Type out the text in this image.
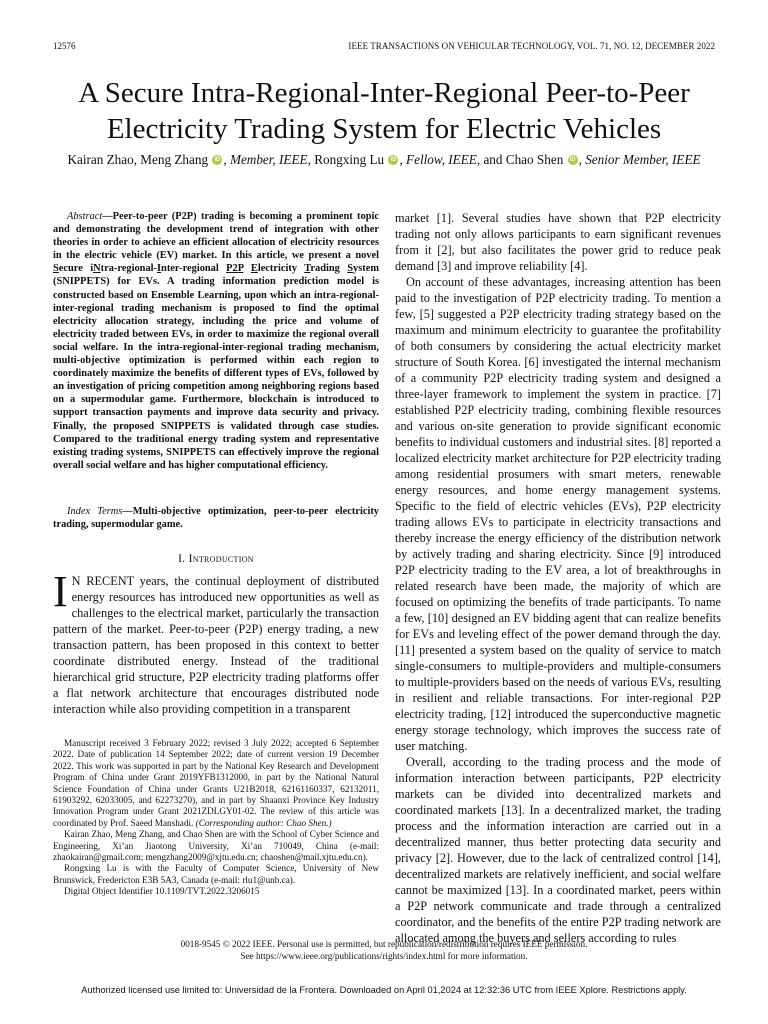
12576	IEEE TRANSACTIONS ON VEHICULAR TECHNOLOGY, VOL. 71, NO. 12, DECEMBER 2022
A Secure Intra-Regional-Inter-Regional Peer-to-Peer Electricity Trading System for Electric Vehicles
Kairan Zhao, Meng Zhang iD , Member, IEEE, Rongxing Lu iD , Fellow, IEEE, and Chao Shen iD , Senior Member, IEEE
Abstract—Peer-to-peer (P2P) trading is becoming a prominent topic and demonstrating the development trend of integration with other theories in order to achieve an efficient allocation of electricity resources in the electric vehicle (EV) market. In this article, we present a novel Secure iNtra-regional-Inter-regional P2P Electricity Trading System (SNIPPETS) for EVs. A trading information prediction model is constructed based on Ensemble Learning, upon which an intra-regional-inter-regional trading mechanism is proposed to find the optimal electricity allocation strategy, including the price and volume of electricity traded between EVs, in order to maximize the regional overall social welfare. In the intra-regional-inter-regional trading mechanism, multi-objective optimization is performed within each region to coordinately maximize the benefits of different types of EVs, followed by an investigation of pricing competition among neighboring regions based on a supermodular game. Furthermore, blockchain is introduced to support transaction payments and improve data security and privacy. Finally, the proposed SNIPPETS is validated through case studies. Compared to the traditional energy trading system and representative existing trading systems, SNIPPETS can effectively improve the regional overall social welfare and has higher computational efficiency.
Index Terms—Multi-objective optimization, peer-to-peer electricity trading, supermodular game.
I. Introduction
I N RECENT years, the continual deployment of distributed energy resources has introduced new opportunities as well as challenges to the electrical market, particularly the transaction pattern of the market. Peer-to-peer (P2P) energy trading, a new transaction pattern, has been proposed in this context to better coordinate distributed energy. Instead of the traditional hierarchical grid structure, P2P electricity trading platforms offer a flat network architecture that encourages distributed node interaction while also providing competition in a transparent

Manuscript received 3 February 2022; revised 3 July 2022; accepted 6 September 2022. Date of publication 14 September 2022; date of current version 19 December 2022. This work was supported in part by the National Key Research and Development Program of China under Grant 2019YFB1312000, in part by the National Natural Science Foundation of China under Grants U21B2018, 62161160337, 62132011, 61903292, 62033005, and 62273270), and in part by Shaanxi Province Key Industry Innovation Program under Grant 2021ZDLGY01-02. The review of this article was coordinated by Prof. Saeed Manshadi. (Corresponding author: Chao Shen.)

Kairan Zhao, Meng Zhang, and Chao Shen are with the School of Cyber Science and Engineering, Xi’an Jiaotong University, Xi’an 710049, China (e-mail: zhaokairan@gmail.com; mengzhang2009@xjtu.edu.cn; chaoshen@mail.xjtu.edu.cn).

Rongxing Lu is with the Faculty of Computer Science, University of New Brunswick, Fredericton E3B 5A3, Canada (e-mail: rlu1@unb.ca).

Digital Object Identifier 10.1109/TVT.2022.3206015

market [1]. Several studies have shown that P2P electricity trading not only allows participants to earn significant revenues from it [2], but also facilitates the power grid to reduce peak demand [3] and improve reliability [4].

On account of these advantages, increasing attention has been paid to the investigation of P2P electricity trading. To mention a few, [5] suggested a P2P electricity trading strategy based on the maximum and minimum electricity to guarantee the profitability of both consumers by considering the actual electricity market structure of South Korea. [6] investigated the internal mechanism of a community P2P electricity trading system and designed a three-layer framework to implement the system in practice. [7] established P2P electricity trading, combining flexible resources and various on-site generation to provide significant economic benefits to individual customers and industrial sites. [8] reported a localized electricity market architecture for P2P electricity trading among residential prosumers with smart meters, renewable energy resources, and home energy management systems. Specific to the field of electric vehicles (EVs), P2P electricity trading allows EVs to participate in electricity transactions and thereby increase the energy efficiency of the distribution network by actively trading and sharing electricity. Since [9] introduced P2P electricity trading to the EV area, a lot of breakthroughs in related research have been made, the majority of which are focused on optimizing the benefits of trade participants. To name a few, [10] designed an EV bidding agent that can realize benefits for EVs and leveling effect of the power demand through the day. [11] presented a system based on the quality of service to match single-consumers to multiple-providers and multiple-consumers to multiple-providers based on the needs of various EVs, resulting in resilient and reliable transactions. For inter-regional P2P electricity trading, [12] introduced the superconductive magnetic energy storage technology, which improves the success rate of user matching.

Overall, according to the trading process and the mode of information interaction between participants, P2P electricity markets can be divided into decentralized markets and coordinated markets [13]. In a decentralized market, the trading process and the information interaction are carried out in a decentralized manner, thus better protecting data security and privacy [2]. However, due to the lack of centralized control [14], decentralized markets are relatively inefficient, and social welfare cannot be maximized [13]. In a coordinated market, peers within a P2P network communicate and trade through a centralized coordinator, and the benefits of the entire P2P trading network are allocated among the buyers and sellers according to rules

0018-9545 © 2022 IEEE. Personal use is permitted, but republication/redistribution requires IEEE permission.
See https://www.ieee.org/publications/rights/index.html for more information.
Authorized licensed use limited to: Universidad de la Frontera. Downloaded on April 01,2024 at 12:32:36 UTC from IEEE Xplore. Restrictions apply.
